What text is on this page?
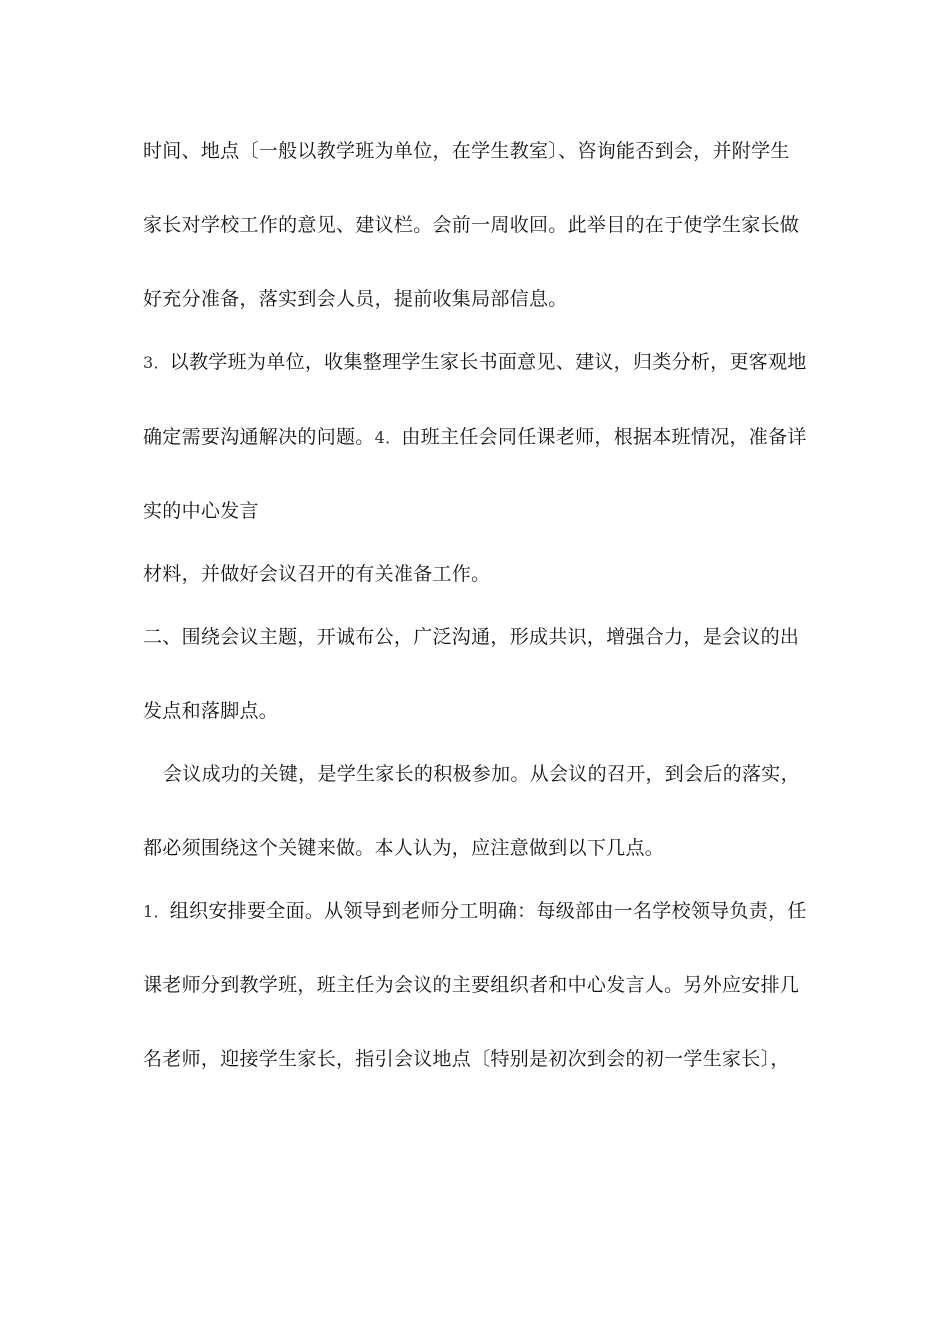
时间、地点〔一般以教学班为单位，在学生教室〕、咨询能否到会，并附学生
家长对学校工作的意见、建议栏。会前一周收回。此举目的在于使学生家长做
好充分准备，落实到会人员，提前收集局部信息。
3．以教学班为单位，收集整理学生家长书面意见、建议，归类分析，更客观地
确定需要沟通解决的问题。4．由班主任会同任课老师，根据本班情况，准备详
实的中心发言
材料，并做好会议召开的有关准备工作。
二、围绕会议主题，开诚布公，广泛沟通，形成共识，增强合力，是会议的出
发点和落脚点。
会议成功的关键，是学生家长的积极参加。从会议的召开，到会后的落实，
都必须围绕这个关键来做。本人认为，应注意做到以下几点。
1．组织安排要全面。从领导到老师分工明确：每级部由一名学校领导负责，任
课老师分到教学班，班主任为会议的主要组织者和中心发言人。另外应安排几
名老师，迎接学生家长，指引会议地点〔特别是初次到会的初一学生家长〕，
